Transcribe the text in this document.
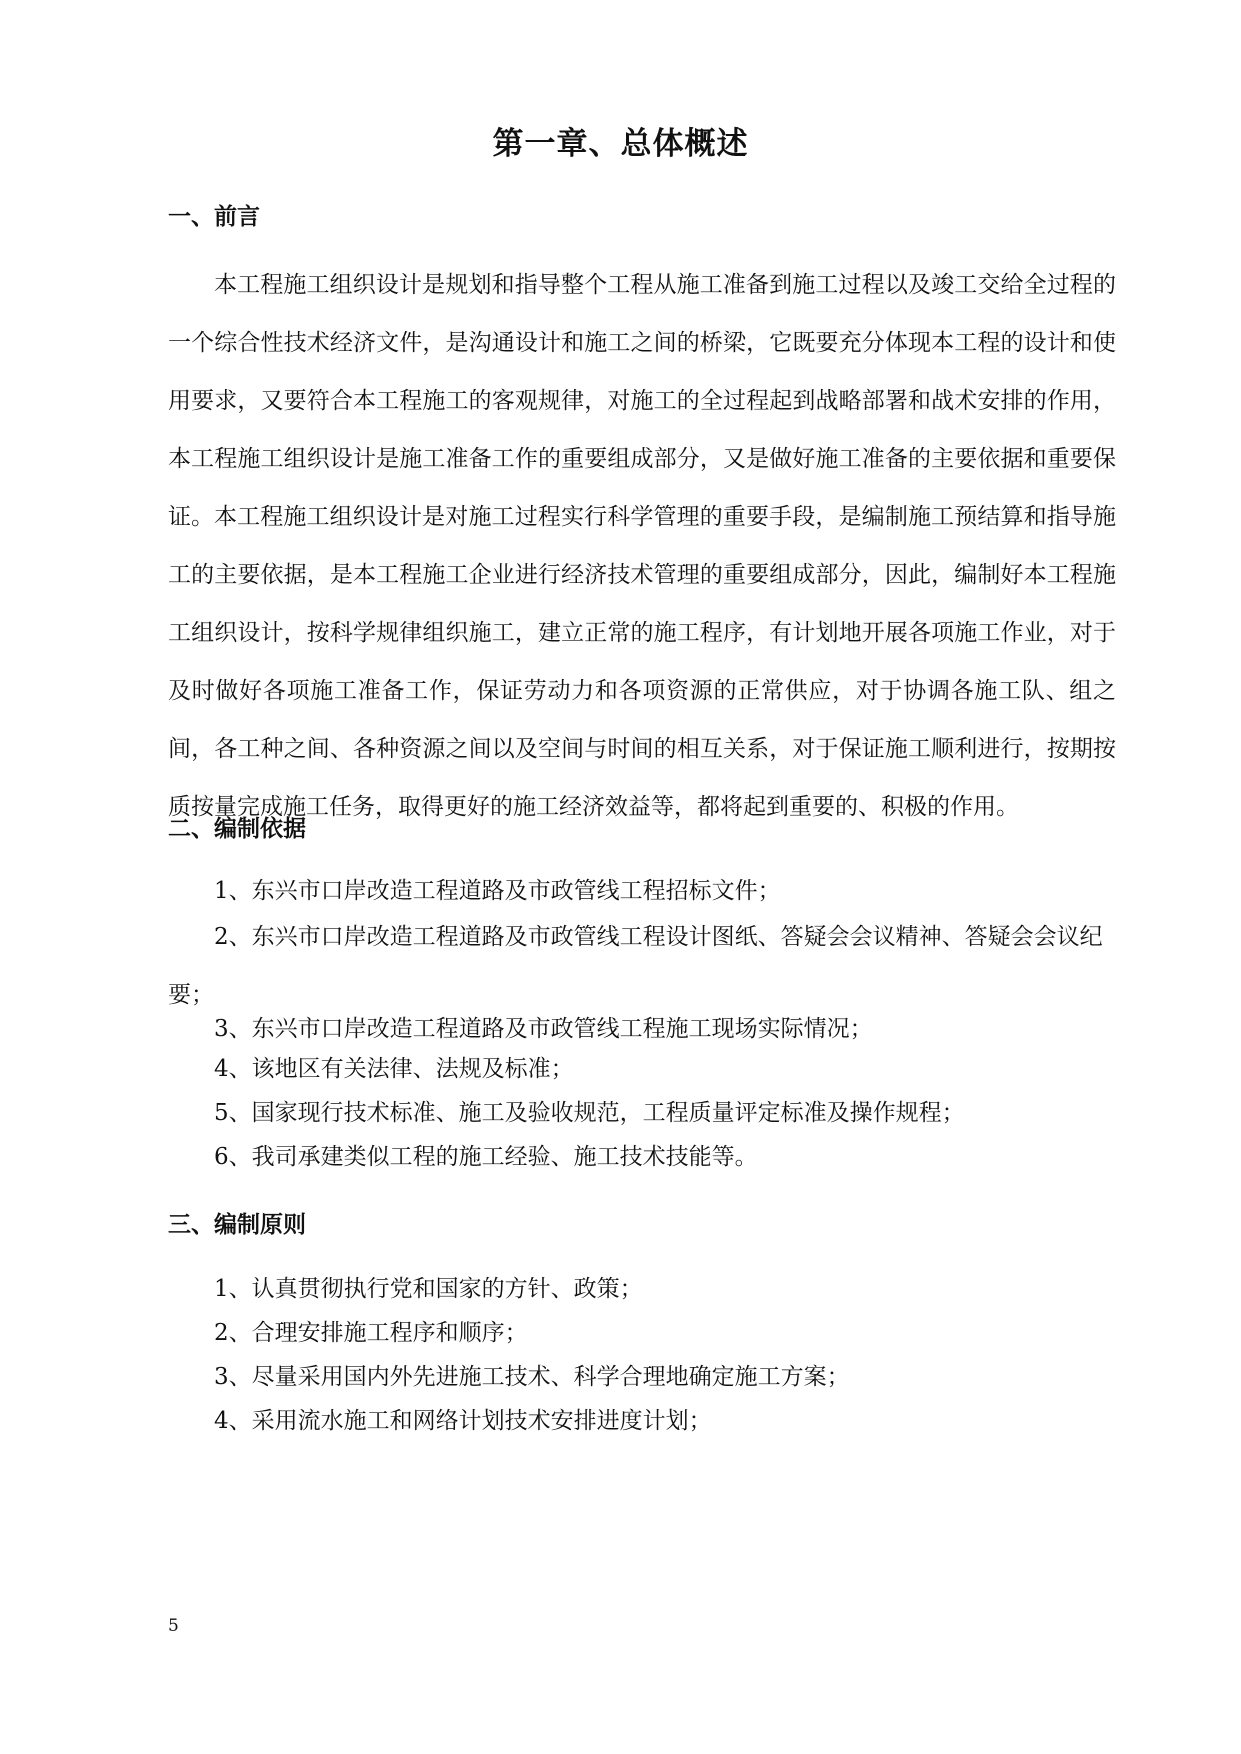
第一章、总体概述
一、前言

本工程施工组织设计是规划和指导整个工程从施工准备到施工过程以及竣工交给全过程的一个综合性技术经济文件，是沟通设计和施工之间的桥梁，它既要充分体现本工程的设计和使用要求，又要符合本工程施工的客观规律，对施工的全过程起到战略部署和战术安排的作用，本工程施工组织设计是施工准备工作的重要组成部分，又是做好施工准备的主要依据和重要保证。 本工程施工组织设计是对施工过程实行科学管理的重要手段，是编制施工预结算和指导施工的主要依据，是本工程施工企业进行经济技术管理的重要组成部分，因此，编制好本工程施工组织设计，按科学规律组织施工，建立正常的施工程序，有计划地开展各项施工作业，对于及时做好各项施工准备工作，保证劳动力和各项资源的正常供应，对于协调各施工队、组之间，各工种之间、各种资源之间以及空间与时间的相互关系，对于保证施工顺利进行，按期按质按量完成施工任务，取得更好的施工经济效益等，都将起到重要的、积极的作用。

二、编制依据

1、东兴市口岸改造工程道路及市政管线工程招标文件；

2、东兴市口岸改造工程道路及市政管线工程设计图纸、答疑会会议精神、答疑会会议纪要；

3、东兴市口岸改造工程道路及市政管线工程施工现场实际情况；

4、该地区有关法律、法规及标准；

5、国家现行技术标准、施工及验收规范，工程质量评定标准及操作规程；

6、我司承建类似工程的施工经验、施工技术技能等。

三、编制原则

1、认真贯彻执行党和国家的方针、政策；

2、合理安排施工程序和顺序；

3、尽量采用国内外先进施工技术、科学合理地确定施工方案；

4、采用流水施工和网络计划技术安排进度计划；

5
